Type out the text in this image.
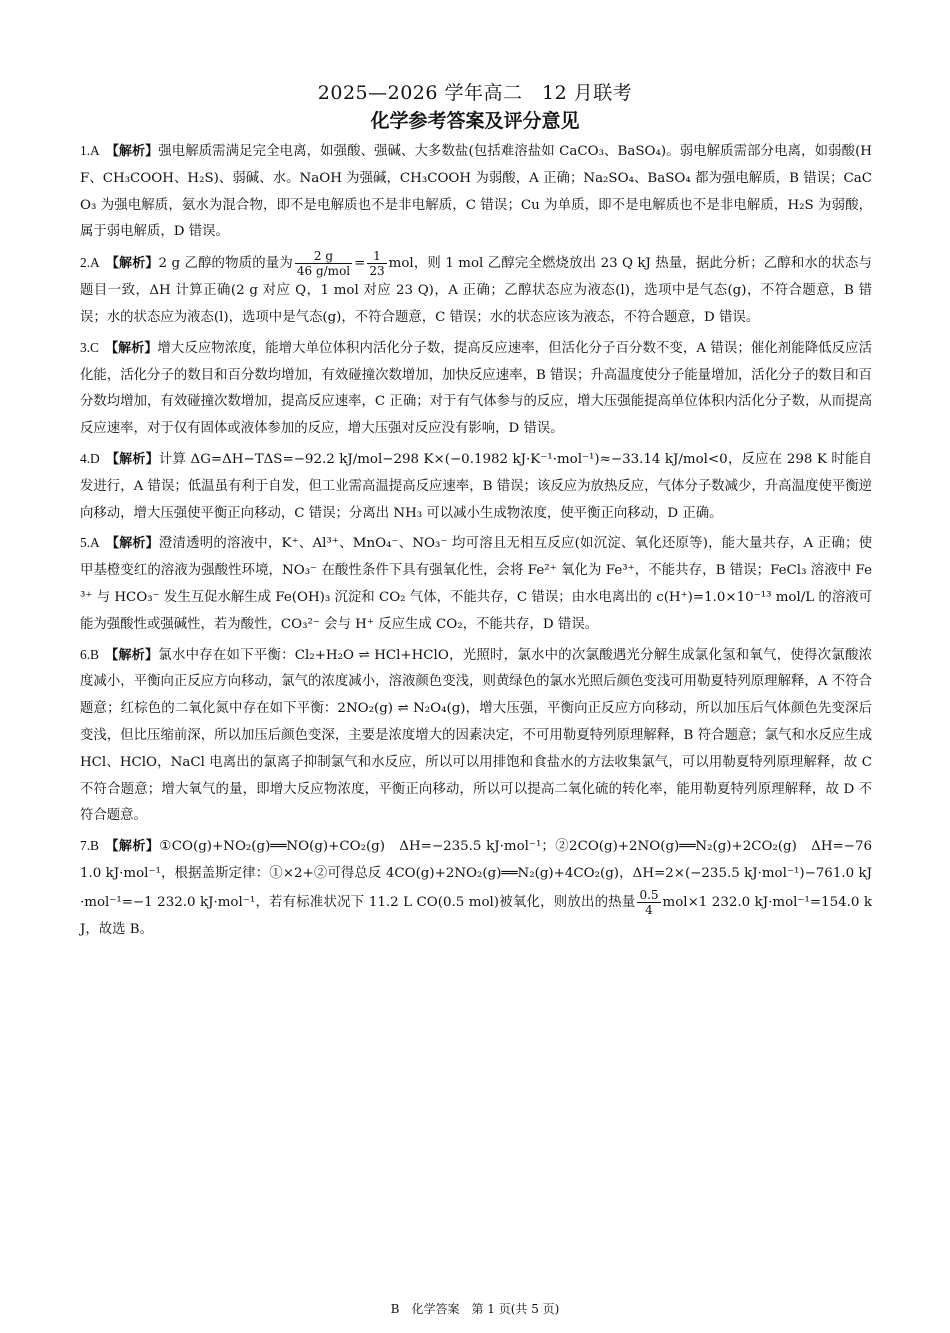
2025—2026 学年高二　12 月联考
化学参考答案及评分意见

1.A 【解析】强电解质需满足完全电离，如强酸、强碱、大多数盐(包括难溶盐如 CaCO₃、BaSO₄)。弱电解质需部分电离，如弱酸(HF、CH₃COOH、H₂S)、弱碱、水。NaOH 为强碱，CH₃COOH 为弱酸，A 正确；Na₂SO₄、BaSO₄ 都为强电解质，B 错误；CaCO₃ 为强电解质，氨水为混合物，即不是电解质也不是非电解质，C 错误；Cu 为单质，即不是电解质也不是非电解质，H₂S 为弱酸，属于弱电解质，D 错误。

2.A 【解析】2 g 乙醇的物质的量为 $\frac{2 g}{\text{46 g/mol}} = \frac{1}{23}$ mol，则 1 mol 乙醇完全燃烧放出 23 Q kJ 热量，据此分析；乙醇和水的状态与题目一致，ΔH 计算正确(2 g 对应 Q，1 mol 对应 23 Q)，A 正确；乙醇状态应为液态(l)，选项中是气态(g)，不符合题意，B 错误；水的状态应为液态(l)，选项中是气态(g)，不符合题意，C 错误；水的状态应该为液态，不符合题意，D 错误。

3.C 【解析】增大反应物浓度，能增大单位体积内活化分子数，提高反应速率，但活化分子百分数不变，A 错误；催化剂能降低反应活化能，活化分子的数目和百分数均增加，有效碰撞次数增加，加快反应速率，B 错误；升高温度使分子能量增加，活化分子的数目和百分数均增加，有效碰撞次数增加，提高反应速率，C 正确；对于有气体参与的反应，增大压强能提高单位体积内活化分子数，从而提高反应速率，对于仅有固体或液体参加的反应，增大压强对反应没有影响，D 错误。

4.D 【解析】计算 ΔG=ΔH−TΔS=−92.2 kJ/mol−298 K×(−0.1982 kJ·K⁻¹·mol⁻¹)≈−33.14 kJ/mol<0，反应在 298 K 时能自发进行，A 错误；低温虽有利于自发，但工业需高温提高反应速率，B 错误；该反应为放热反应，气体分子数减少，升高温度使平衡逆向移动，增大压强使平衡正向移动，C 错误；分离出 NH₃ 可以减小生成物浓度，使平衡正向移动，D 正确。

5.A 【解析】澄清透明的溶液中，K⁺、Al³⁺、MnO₄⁻、NO₃⁻ 均可溶且无相互反应(如沉淀、氧化还原等)，能大量共存，A 正确；使甲基橙变红的溶液为强酸性环境，NO₃⁻ 在酸性条件下具有强氧化性，会将 Fe²⁺ 氧化为 Fe³⁺，不能共存，B 错误；FeCl₃ 溶液中 Fe³⁺ 与 HCO₃⁻ 发生互促水解生成 Fe(OH)₃ 沉淀和 CO₂ 气体，不能共存，C 错误；由水电离出的 c(H⁺)=1.0×10⁻¹³ mol/L 的溶液可能为强酸性或强碱性，若为酸性，CO₃²⁻ 会与 H⁺ 反应生成 CO₂，不能共存，D 错误。

6.B 【解析】氯水中存在如下平衡：Cl₂+H₂O ⇌ HCl+HClO，光照时，氯水中的次氯酸遇光分解生成氯化氢和氧气，使得次氯酸浓度减小，平衡向正反应方向移动，氯气的浓度减小，溶液颜色变浅，则黄绿色的氯水光照后颜色变浅可用勒夏特列原理解释，A 不符合题意；红棕色的二氧化氮中存在如下平衡：2NO₂(g) ⇌ N₂O₄(g)，增大压强，平衡向正反应方向移动，所以加压后气体颜色先变深后变浅，但比压缩前深，所以加压后颜色变深，主要是浓度增大的因素决定，不可用勒夏特列原理解释，B 符合题意；氯气和水反应生成 HCl、HClO，NaCl 电离出的氯离子抑制氯气和水反应，所以可以用排饱和食盐水的方法收集氯气，可以用勒夏特列原理解释，故 C 不符合题意；增大氧气的量，即增大反应物浓度，平衡正向移动，所以可以提高二氧化硫的转化率，能用勒夏特列原理解释，故 D 不符合题意。

7.B 【解析】①CO(g)+NO₂(g)══NO(g)+CO₂(g)　ΔH=−235.5 kJ·mol⁻¹；②2CO(g)+2NO(g)══N₂(g)+2CO₂(g)　ΔH=−761.0 kJ·mol⁻¹，根据盖斯定律：①×2+②可得总反 4CO(g)+2NO₂(g)══N₂(g)+4CO₂(g)，ΔH=2×(−235.5 kJ·mol⁻¹)−761.0 kJ·mol⁻¹=−1 232.0 kJ·mol⁻¹，若有标准状况下 11.2 L CO(0.5 mol)被氧化，则放出的热量 $\frac{0.5}{4} mol\times 1$ 232.0 kJ·mol⁻¹=154.0 kJ，故选 B。

B　化学答案　第 1 页(共 5 页)
